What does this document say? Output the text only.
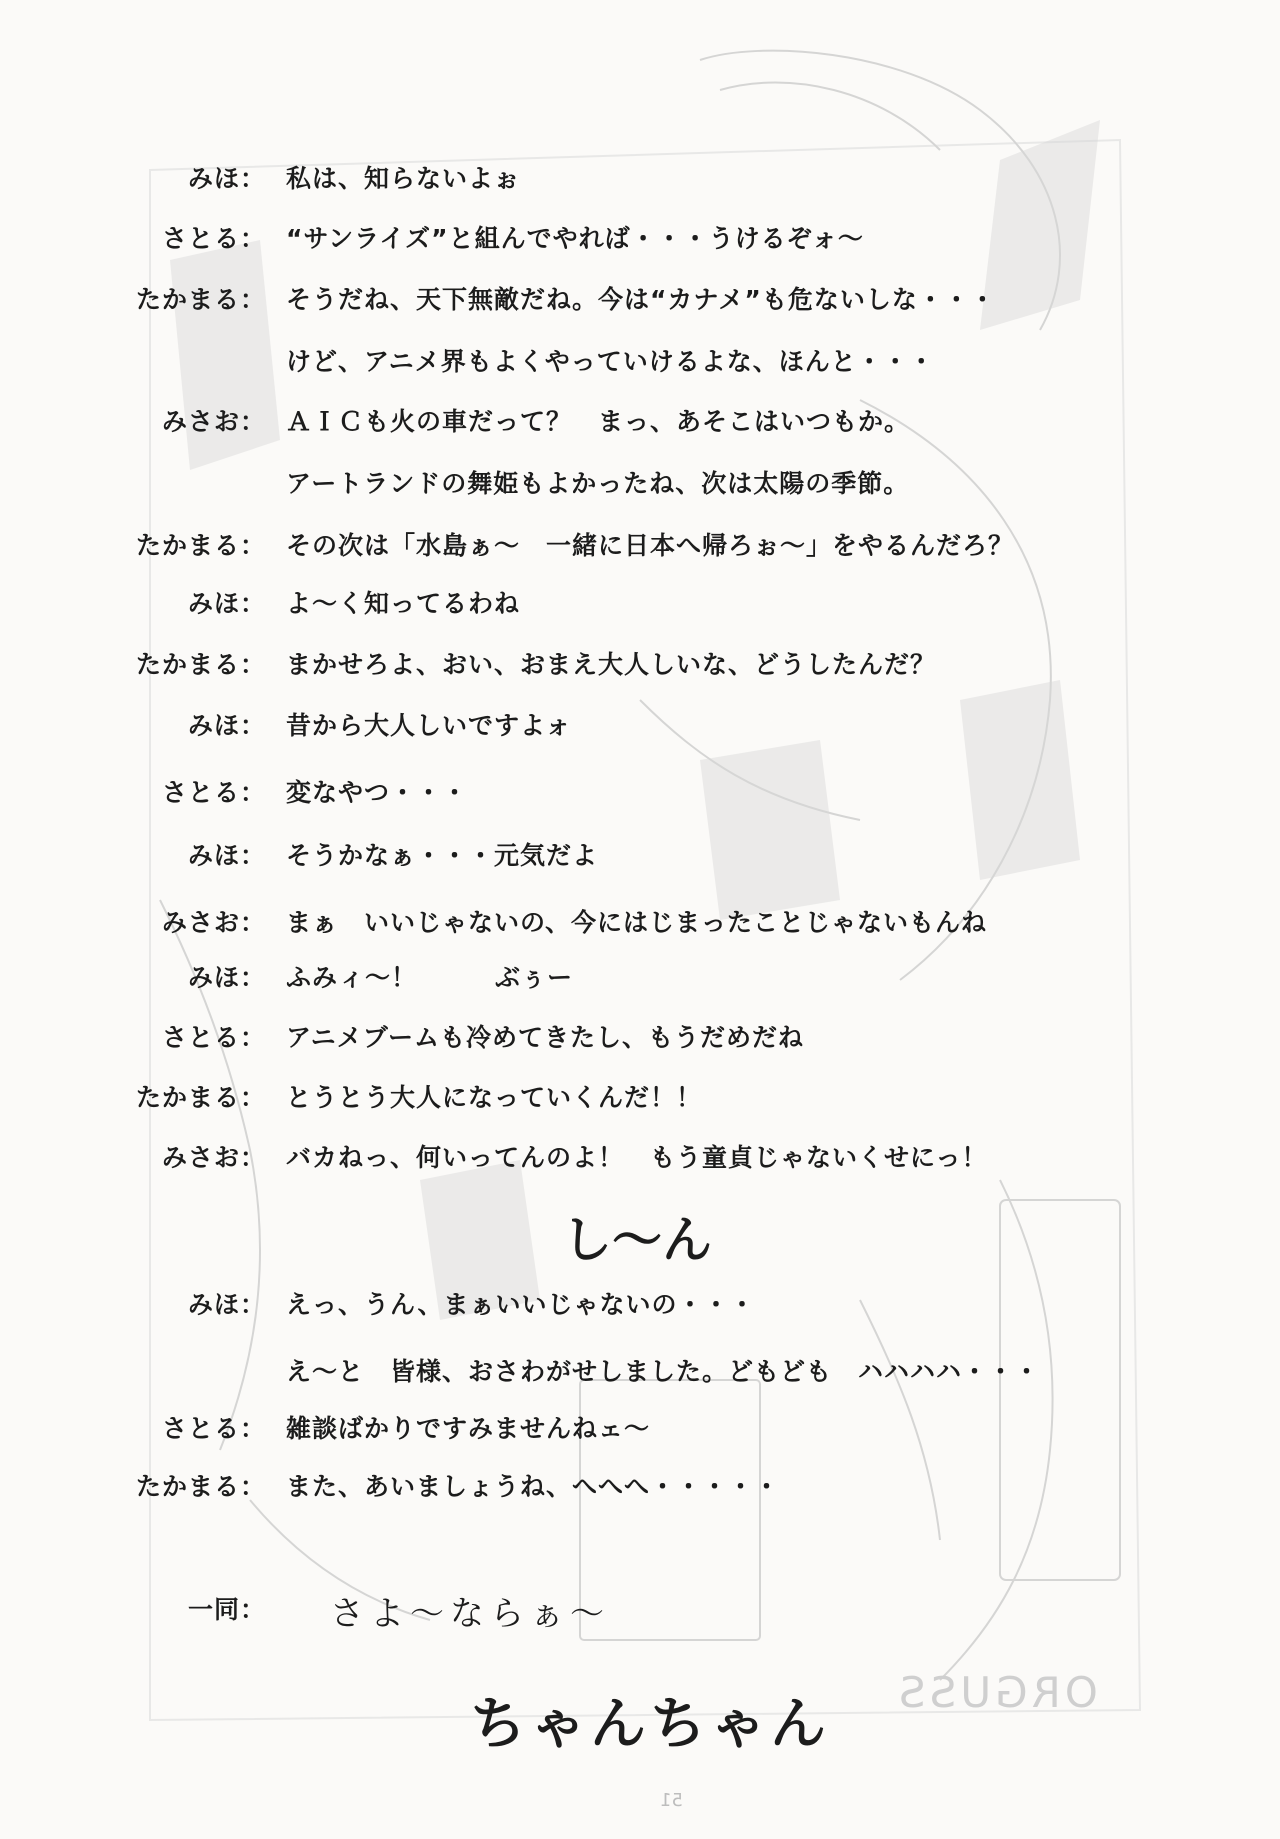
みほ： 私は、知らないよぉ
さとる： “サンライズ”と組んでやれば・・・うけるぞォ〜
たかまる： そうだね、天下無敵だね。今は“カナメ”も危ないしな・・・
けど、アニメ界もよくやっていけるよな、ほんと・・・
みさお： ＡＩＣも火の車だって？　まっ、あそこはいつもか。
アートランドの舞姫もよかったね、次は太陽の季節。
たかまる： その次は「水島ぁ〜　一緒に日本へ帰ろぉ〜」をやるんだろ？
みほ： よ〜く知ってるわね
たかまる： まかせろよ、おい、おまえ大人しいな、どうしたんだ？
みほ： 昔から大人しいですよォ
さとる： 変なやつ・・・
みほ： そうかなぁ・・・元気だよ
みさお： まぁ　いいじゃないの、今にはじまったことじゃないもんね
みほ： ふみィ〜！　　　ぶぅー
さとる： アニメブームも冷めてきたし、もうだめだね
たかまる： とうとう大人になっていくんだ！！
みさお： バカねっ、何いってんのよ！　もう童貞じゃないくせにっ！
し〜ん
みほ： えっ、うん、まぁいいじゃないの・・・
え〜と　皆様、おさわがせしました。どもども　ハハハハ・・・
さとる： 雑談ばかりですみませんねェ〜
たかまる： また、あいましょうね、へへへ・・・・・
一同：	さよ〜ならぁ〜
ちゃんちゃん	ORGUSS
51
